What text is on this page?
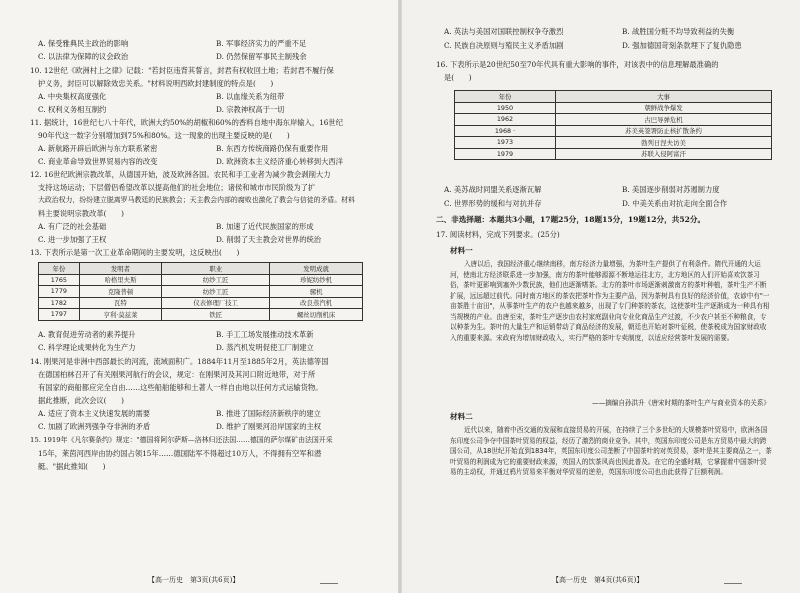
A. 保受雅典民主政治的影响	B. 军事经济实力的严重不足
C. 以法律为保障的议会政治	D. 仍然保留军事民主制残余
10. 12世纪《欧洲村上之律》记载："若封臣违背其誓言，封君有权收回土地；若封君不履行保
护义务，封臣可以解除效忠关系。"材料说明西欧封建制度的特点是(　　)
A. 中央集权高度强化	B. 以血缘关系为纽带
C. 权利义务相互制约	D. 宗教神权高于一切
11. 据统计，16世纪七八十年代，欧洲大约50%的胡椒和60%的香料自地中海东岸输入，16世纪
90年代这一数字分别增加到75%和80%。这一现象的出现主要反映的是(　　)
A. 新航路开辟后欧洲与东方联系紧密	B. 东西方传统商路仍保有重要作用
C. 商业革命导致世界贸易内容的改变	D. 欧洲资本主义经济重心转移到大西洋
12. 16世纪欧洲宗教改革，从德国开始，波及欧洲各国。农民和手工业者为减少教会剥削大力
支持这场运动；下层僧侣希望改革以提高他们的社会地位；诸侯和城市市民阶级为了扩
大政治权力，纷纷建立脱离罗马教廷的民族教会；天主教会内部的腐败也激化了教会与信徒的矛盾。材料
料主要说明宗教改革(　　)
A. 有广泛的社会基础	B. 加速了近代民族国家的形成
C. 进一步加强了王权	D. 削弱了天主教会对世界的统治
13. 下表所示是第一次工业革命期间的主要发明，这反映出(　　)
年份	发明者	职业	发明成就
1765	哈格里夫斯	纺纱工匠	珍妮纺纱机
1779	克隆普顿	纺纱工匠	骡机
1782	瓦特	仪表修理厂技工	改良蒸汽机
1797	亨利·莫兹莱	铁匠	螺丝切削机床
A. 教育促进劳动者的素养提升	B. 手工工场发展推动技术革新
C. 科学理论成果转化为生产力	D. 蒸汽机发明促使工厂制建立
14. 刚果河是非洲中西部最长的河流，流域面积广。1884年11月至1885年2月，英法德等国
在德国柏林召开了有关刚果河航行的会议，规定：在刚果河及其河口附近地带，对于所
有国家的商船都应完全自由……这些船舶能够和土著人一样自由地以任何方式运输货物。
据此推断，此次会议(　　)
A. 适应了资本主义快速发展的需要	B. 推进了国际经济新秩序的建立
C. 加剧了欧洲列强争夺非洲的矛盾	D. 维护了刚果河沿岸国家的主权
15. 1919年《凡尔赛条约》规定："德国将阿尔萨斯—洛林归还法国……德国的萨尔煤矿由法国开采
15年，莱茵河西岸由协约国占领15年……德国陆军不得超过10万人，不得拥有空军和潜
艇。"据此推知(　　)
【高一历史　第3页(共6页)】
A. 英法与美国对国联控制权争夺激烈	B. 战胜国分赃不均导致利益的失衡
C. 民族自决原则与殖民主义矛盾加剧	D. 强加德国苛刻条款埋下了复仇隐患
16. 下表所示是20世纪50至70年代具有重大影响的事件，对该表中的信息理解最准确的
是(　　)
年份	大事
1950	朝鲜战争爆发
1962	古巴导弹危机
1968 ·	苏美英签署防止核扩散条约
1973	勃列日涅夫访美
1979	苏联入侵阿富汗
A. 美苏战时同盟关系逐渐瓦解	B. 美国逐步削弱对苏遏制力度
C. 世界形势的缓和与对抗并存	D. 中美关系由对抗走向全面合作
二、非选择题：本题共3小题，17题25分，18题15分，19题12分，共52分。
17. 阅读材料，完成下列要求。(25分)
材料一
入唐以后，我国经济重心继续南移，南方经济力量增强，为茶叶生产提供了有利条件。隋代开通的大运河，使南北方经济联系进一步加强，南方的茶叶能够源源不断地运往北方，北方地区的人们开始喜欢饮茶习俗，茶叶更影响到塞外少数民族，他们也逐渐嗜茶。北方的茶叶市场逐渐刺激南方的茶叶种植，茶叶生产不断扩展，远远超过前代。同时南方地区的茶农把茶叶作为主要产品，因为茶树具有良好的经济价值，农谚中有"一亩茶胜十亩田"，从事茶叶生产的农户也越来越多，出现了专门种茶的茶农，这使茶叶生产逐渐成为一种具有相当规模的产业。由唐至宋，茶叶生产逐步由农村家庭副业向专业化商品生产过渡，不少农户甚至不种粮食，专以种茶为生。茶叶的大量生产和运销带动了商品经济的发展，朝廷也开始对茶叶征税，使茶税成为国家财政收入的重要来源。宋政府为增加财政收入，实行严格的茶叶专卖制度，以适应经营茶叶发展的需要。
——摘编自孙洪升《唐宋时期的茶叶生产与商业资本的关系》
材料二
近代以来，随着中西交通的发展和直接贸易的开展，在持续了三个多世纪的大规模茶叶贸易中，欧洲各国东印度公司争夺中国茶叶贸易的权益，经历了激烈的商业竞争。其中，英国东印度公司是东方贸易中最大的跨国公司，从18世纪开始直到1834年，英国东印度公司垄断了中国茶叶的对英贸易，茶叶是其主要商品之一，茶叶贸易的利润成为它的重要财政来源，英国人的饮茶风尚也因此普及。在它的全盛时期，它掌握着中国茶叶贸易的主动权，并通过鸦片贸易来平衡对华贸易的逆差，英国东印度公司也由此获得了巨额利润。
【高一历史　第4页(共6页)】
